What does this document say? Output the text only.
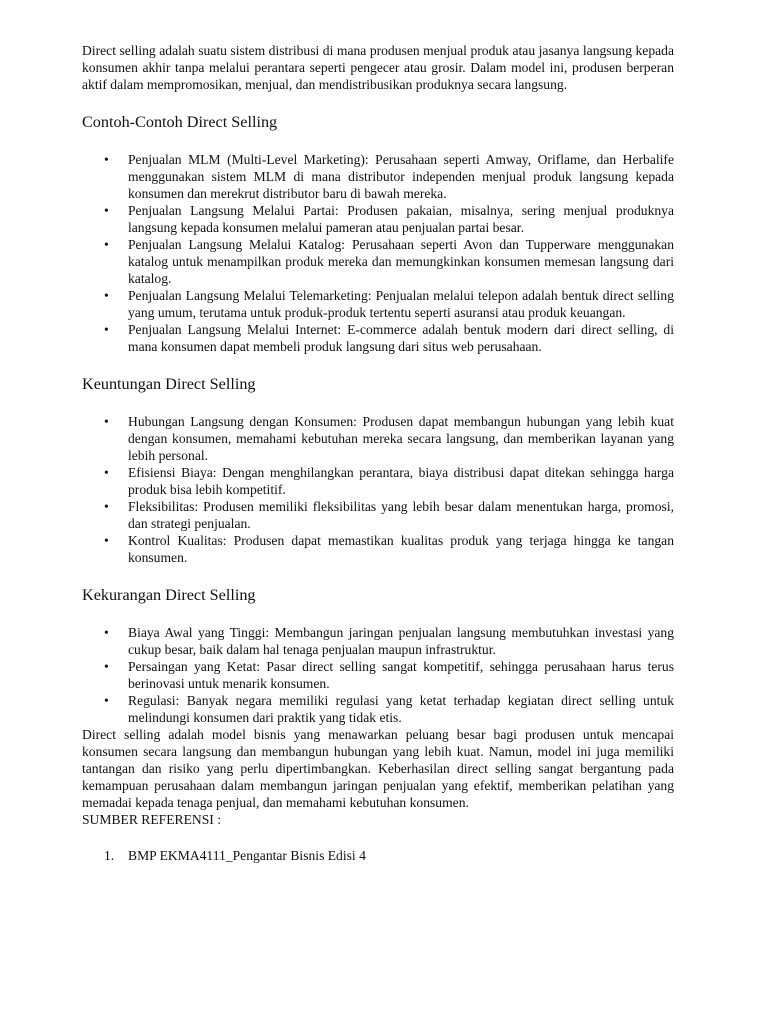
Direct selling adalah suatu sistem distribusi di mana produsen menjual produk atau jasanya langsung kepada konsumen akhir tanpa melalui perantara seperti pengecer atau grosir. Dalam model ini, produsen berperan aktif dalam mempromosikan, menjual, dan mendistribusikan produknya secara langsung.

Contoh-Contoh Direct Selling
• Penjualan MLM (Multi-Level Marketing): Perusahaan seperti Amway, Oriflame, dan Herbalife menggunakan sistem MLM di mana distributor independen menjual produk langsung kepada konsumen dan merekrut distributor baru di bawah mereka.
• Penjualan Langsung Melalui Partai: Produsen pakaian, misalnya, sering menjual produknya langsung kepada konsumen melalui pameran atau penjualan partai besar.
• Penjualan Langsung Melalui Katalog: Perusahaan seperti Avon dan Tupperware menggunakan katalog untuk menampilkan produk mereka dan memungkinkan konsumen memesan langsung dari katalog.
• Penjualan Langsung Melalui Telemarketing: Penjualan melalui telepon adalah bentuk direct selling yang umum, terutama untuk produk-produk tertentu seperti asuransi atau produk keuangan.
• Penjualan Langsung Melalui Internet: E-commerce adalah bentuk modern dari direct selling, di mana konsumen dapat membeli produk langsung dari situs web perusahaan.
Keuntungan Direct Selling
• Hubungan Langsung dengan Konsumen: Produsen dapat membangun hubungan yang lebih kuat dengan konsumen, memahami kebutuhan mereka secara langsung, dan memberikan layanan yang lebih personal.
• Efisiensi Biaya: Dengan menghilangkan perantara, biaya distribusi dapat ditekan sehingga harga produk bisa lebih kompetitif.
• Fleksibilitas: Produsen memiliki fleksibilitas yang lebih besar dalam menentukan harga, promosi, dan strategi penjualan.
• Kontrol Kualitas: Produsen dapat memastikan kualitas produk yang terjaga hingga ke tangan konsumen.
Kekurangan Direct Selling
• Biaya Awal yang Tinggi: Membangun jaringan penjualan langsung membutuhkan investasi yang cukup besar, baik dalam hal tenaga penjualan maupun infrastruktur.
• Persaingan yang Ketat: Pasar direct selling sangat kompetitif, sehingga perusahaan harus terus berinovasi untuk menarik konsumen.
• Regulasi: Banyak negara memiliki regulasi yang ketat terhadap kegiatan direct selling untuk melindungi konsumen dari praktik yang tidak etis.

Direct selling adalah model bisnis yang menawarkan peluang besar bagi produsen untuk mencapai konsumen secara langsung dan membangun hubungan yang lebih kuat. Namun, model ini juga memiliki tantangan dan risiko yang perlu dipertimbangkan. Keberhasilan direct selling sangat bergantung pada kemampuan perusahaan dalam membangun jaringan penjualan yang efektif, memberikan pelatihan yang memadai kepada tenaga penjual, dan memahami kebutuhan konsumen.

SUMBER REFERENSI :

1. BMP EKMA4111_Pengantar Bisnis Edisi 4
